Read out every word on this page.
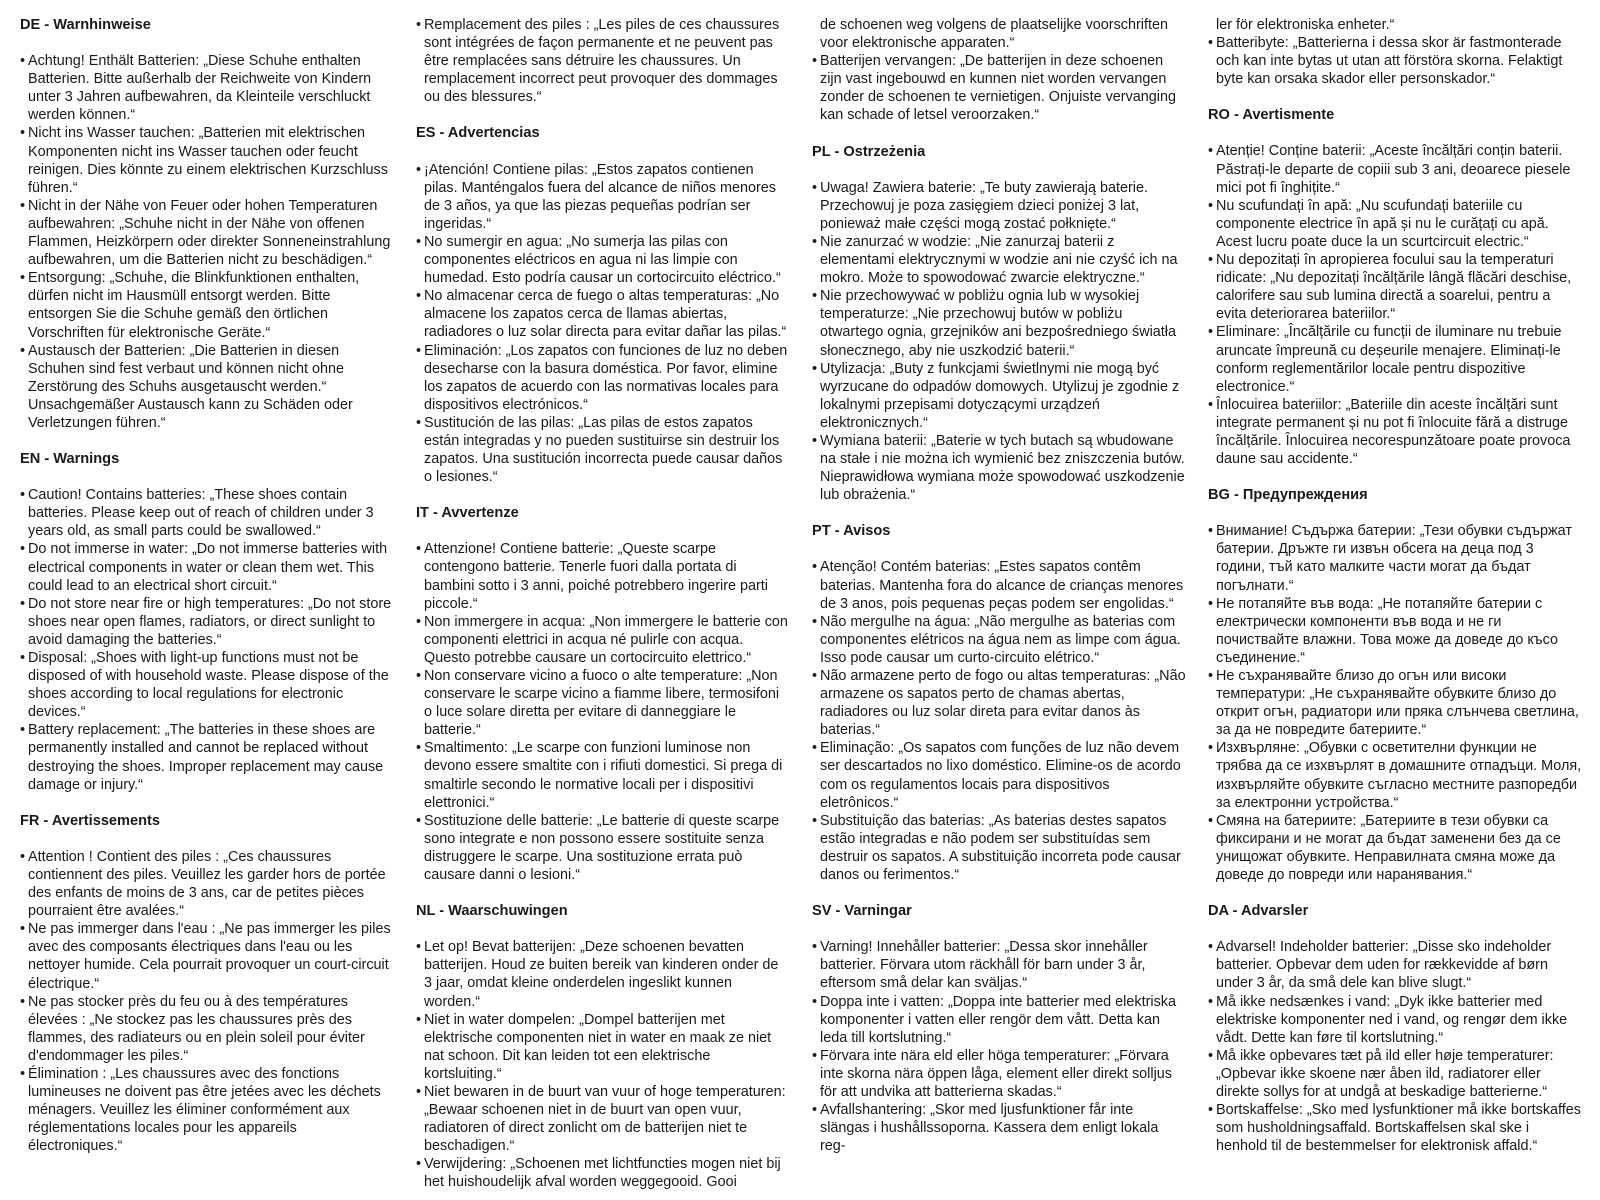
DE - Warnhinweise
• Achtung! Enthält Batterien: „Diese Schuhe enthalten Batterien. Bitte außerhalb der Reichweite von Kindern unter 3 Jahren aufbewahren, da Kleinteile verschluckt werden können.“
• Nicht ins Wasser tauchen: „Batterien mit elektrischen Komponenten nicht ins Wasser tauchen oder feucht reinigen. Dies könnte zu einem elektrischen Kurzschluss führen.“
• Nicht in der Nähe von Feuer oder hohen Temperaturen aufbewahren: „Schuhe nicht in der Nähe von offenen Flammen, Heizkörpern oder direkter Sonneneinstrahlung aufbewahren, um die Batterien nicht zu beschädigen.“
• Entsorgung: „Schuhe, die Blinkfunktionen enthalten, dürfen nicht im Hausmüll entsorgt werden. Bitte entsorgen Sie die Schuhe gemäß den örtlichen Vorschriften für elektronische Geräte.“
• Austausch der Batterien: „Die Batterien in diesen Schuhen sind fest verbaut und können nicht ohne Zerstörung des Schuhs ausgetauscht werden.“ Unsachgemäßer Austausch kann zu Schäden oder Verletzungen führen.“
EN - Warnings
• Caution! Contains batteries: „These shoes contain batteries. Please keep out of reach of children under 3 years old, as small parts could be swallowed.“
• Do not immerse in water: „Do not immerse batteries with electrical components in water or clean them wet. This could lead to an electrical short circuit.“
• Do not store near fire or high temperatures: „Do not store shoes near open flames, radiators, or direct sunlight to avoid damaging the batteries.“
• Disposal: „Shoes with light-up functions must not be disposed of with household waste. Please dispose of the shoes according to local regulations for electronic devices.“
• Battery replacement: „The batteries in these shoes are permanently installed and cannot be replaced without destroying the shoes. Improper replacement may cause damage or injury.“
FR - Avertissements
• Attention ! Contient des piles : „Ces chaussures contiennent des piles. Veuillez les garder hors de portée des enfants de moins de 3 ans, car de petites pièces pourraient être avalées.“
• Ne pas immerger dans l'eau : „Ne pas immerger les piles avec des composants électriques dans l'eau ou les nettoyer humide. Cela pourrait provoquer un court-circuit électrique.“
• Ne pas stocker près du feu ou à des températures élevées : „Ne stockez pas les chaussures près des flammes, des radiateurs ou en plein soleil pour éviter d'endommager les piles.“
• Élimination : „Les chaussures avec des fonctions lumineuses ne doivent pas être jetées avec les déchets ménagers. Veuillez les éliminer conformément aux réglementations locales pour les appareils électroniques.“
• Remplacement des piles : „Les piles de ces chaussures sont intégrées de façon permanente et ne peuvent pas être remplacées sans détruire les chaussures. Un remplacement incorrect peut provoquer des dommages ou des blessures.“
ES - Advertencias
• ¡Atención! Contiene pilas: „Estos zapatos contienen pilas. Manténgalos fuera del alcance de niños menores de 3 años, ya que las piezas pequeñas podrían ser ingeridas.“
• No sumergir en agua: „No sumerja las pilas con componentes eléctricos en agua ni las limpie con humedad. Esto podría causar un cortocircuito eléctrico.“
• No almacenar cerca de fuego o altas temperaturas: „No almacene los zapatos cerca de llamas abiertas, radiadores o luz solar directa para evitar dañar las pilas.“
• Eliminación: „Los zapatos con funciones de luz no deben desecharse con la basura doméstica. Por favor, elimine los zapatos de acuerdo con las normativas locales para dispositivos electrónicos.“
• Sustitución de las pilas: „Las pilas de estos zapatos están integradas y no pueden sustituirse sin destruir los zapatos. Una sustitución incorrecta puede causar daños o lesiones.“
IT - Avvertenze
• Attenzione! Contiene batterie: „Queste scarpe contengono batterie. Tenerle fuori dalla portata di bambini sotto i 3 anni, poiché potrebbero ingerire parti piccole.“
• Non immergere in acqua: „Non immergere le batterie con componenti elettrici in acqua né pulirle con acqua. Questo potrebbe causare un cortocircuito elettrico.“
• Non conservare vicino a fuoco o alte temperature: „Non conservare le scarpe vicino a fiamme libere, termosifoni o luce solare diretta per evitare di danneggiare le batterie.“
• Smaltimento: „Le scarpe con funzioni luminose non devono essere smaltite con i rifiuti domestici. Si prega di smaltirle secondo le normative locali per i dispositivi elettronici.“
• Sostituzione delle batterie: „Le batterie di queste scarpe sono integrate e non possono essere sostituite senza distruggere le scarpe. Una sostituzione errata può causare danni o lesioni.“
NL - Waarschuwingen
• Let op! Bevat batterijen: „Deze schoenen bevatten batterijen. Houd ze buiten bereik van kinderen onder de 3 jaar, omdat kleine onderdelen ingeslikt kunnen worden.“
• Niet in water dompelen: „Dompel batterijen met elektrische componenten niet in water en maak ze niet nat schoon. Dit kan leiden tot een elektrische kortsluiting.“
• Niet bewaren in de buurt van vuur of hoge temperaturen: „Bewaar schoenen niet in de buurt van open vuur, radiatoren of direct zonlicht om de batterijen niet te beschadigen.“
• Verwijdering: „Schoenen met lichtfuncties mogen niet bij het huishoudelijk afval worden weggegooid. Gooi
de schoenen weg volgens de plaatselijke voorschriften voor elektronische apparaten.“
• Batterijen vervangen: „De batterijen in deze schoenen zijn vast ingebouwd en kunnen niet worden vervangen zonder de schoenen te vernietigen. Onjuiste vervanging kan schade of letsel veroorzaken.“
PL - Ostrzeżenia
• Uwaga! Zawiera baterie: „Te buty zawierają baterie. Przechowuj je poza zasięgiem dzieci poniżej 3 lat, ponieważ małe części mogą zostać połknięte.“
• Nie zanurzać w wodzie: „Nie zanurzaj baterii z elementami elektrycznymi w wodzie ani nie czyść ich na mokro. Może to spowodować zwarcie elektryczne.“
• Nie przechowywać w pobliżu ognia lub w wysokiej temperaturze: „Nie przechowuj butów w pobliżu otwartego ognia, grzejników ani bezpośredniego światła słonecznego, aby nie uszkodzić baterii.“
• Utylizacja: „Buty z funkcjami świetlnymi nie mogą być wyrzucane do odpadów domowych. Utylizuj je zgodnie z lokalnymi przepisami dotyczącymi urządzeń elektronicznych.“
• Wymiana baterii: „Baterie w tych butach są wbudowane na stałe i nie można ich wymienić bez zniszczenia butów. Nieprawidłowa wymiana może spowodować uszkodzenie lub obrażenia.“
PT - Avisos
• Atenção! Contém baterias: „Estes sapatos contêm baterias. Mantenha fora do alcance de crianças menores de 3 anos, pois pequenas peças podem ser engolidas.“
• Não mergulhe na água: „Não mergulhe as baterias com componentes elétricos na água nem as limpe com água. Isso pode causar um curto-circuito elétrico.“
• Não armazene perto de fogo ou altas temperaturas: „Não armazene os sapatos perto de chamas abertas, radiadores ou luz solar direta para evitar danos às baterias.“
• Eliminação: „Os sapatos com funções de luz não devem ser descartados no lixo doméstico. Elimine-os de acordo com os regulamentos locais para dispositivos eletrônicos.“
• Substituição das baterias: „As baterias destes sapatos estão integradas e não podem ser substituídas sem destruir os sapatos. A substituição incorreta pode causar danos ou ferimentos.“
SV - Varningar
• Varning! Innehåller batterier: „Dessa skor innehåller batterier. Förvara utom räckhåll för barn under 3 år, eftersom små delar kan sväljas.“
• Doppa inte i vatten: „Doppa inte batterier med elektriska komponenter i vatten eller rengör dem vått. Detta kan leda till kortslutning.“
• Förvara inte nära eld eller höga temperaturer: „Förvara inte skorna nära öppen låga, element eller direkt solljus för att undvika att batterierna skadas.“
• Avfallshantering: „Skor med ljusfunktioner får inte slängas i hushållssoporna. Kassera dem enligt lokala reg-
ler för elektroniska enheter.“
• Batteribyte: „Batterierna i dessa skor är fastmonterade och kan inte bytas ut utan att förstöra skorna. Felaktigt byte kan orsaka skador eller personskador.“
RO - Avertismente
• Atenție! Conține baterii: „Aceste încălțări conțin baterii. Păstrați-le departe de copiii sub 3 ani, deoarece piesele mici pot fi înghițite.“
• Nu scufundați în apă: „Nu scufundați bateriile cu componente electrice în apă și nu le curățați cu apă. Acest lucru poate duce la un scurtcircuit electric.“
• Nu depozitați în apropierea focului sau la temperaturi ridicate: „Nu depozitați încălțările lângă flăcări deschise, calorifere sau sub lumina directă a soarelui, pentru a evita deteriorarea bateriilor.“
• Eliminare: „Încălțările cu funcții de iluminare nu trebuie aruncate împreună cu deșeurile menajere. Eliminați-le conform reglementărilor locale pentru dispozitive electronice.“
• Înlocuirea bateriilor: „Bateriile din aceste încălțări sunt integrate permanent și nu pot fi înlocuite fără a distruge încălțările. Înlocuirea necorespunzătoare poate provoca daune sau accidente.“
BG - Предупреждения
• Внимание! Съдържа батерии: „Тези обувки съдържат батерии. Дръжте ги извън обсега на деца под 3 години, тъй като малките части могат да бъдат погълнати.“
• Не потапяйте във вода: „Не потапяйте батерии с електрически компоненти във вода и не ги почиствайте влажни. Това може да доведе до късо съединение.“
• Не съхранявайте близо до огън или високи температури: „Не съхранявайте обувките близо до открит огън, радиатори или пряка слънчева светлина, за да не повредите батериите.“
• Изхвърляне: „Обувки с осветителни функции не трябва да се изхвърлят в домашните отпадъци. Моля, изхвърляйте обувките съгласно местните разпоредби за електронни устройства.“
• Смяна на батериите: „Батериите в тези обувки са фиксирани и не могат да бъдат заменени без да се унищожат обувките. Неправилната смяна може да доведе до повреди или наранявания.“
DA - Advarsler
• Advarsel! Indeholder batterier: „Disse sko indeholder batterier. Opbevar dem uden for rækkevidde af børn under 3 år, da små dele kan blive slugt.“
• Må ikke nedsænkes i vand: „Dyk ikke batterier med elektriske komponenter ned i vand, og rengør dem ikke vådt. Dette kan føre til kortslutning.“
• Må ikke opbevares tæt på ild eller høje temperaturer: „Opbevar ikke skoene nær åben ild, radiatorer eller direkte sollys for at undgå at beskadige batterierne.“
• Bortskaffelse: „Sko med lysfunktioner må ikke bortskaffes som husholdningsaffald. Bortskaffelsen skal ske i henhold til de bestemmelser for elektronisk affald.“
